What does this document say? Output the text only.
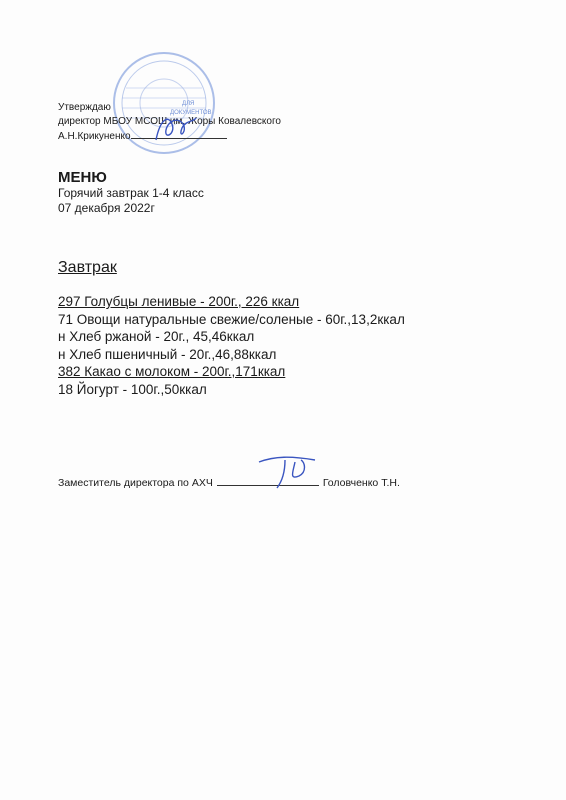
ДЛЯ
ДОКУМЕНТОВ
Утверждаю
директор МБОУ МСОШ им. Жоры Ковалевского
А.Н.Крикуненко
МЕНЮ
Горячий завтрак 1-4 класс
07 декабря 2022г
Завтрак
297 Голубцы ленивые - 200г., 226 ккал
71 Овощи натуральные свежие/соленые - 60г.,13,2ккал
н Хлеб ржаной - 20г., 45,46ккал
н Хлеб пшеничный - 20г.,46,88ккал
382 Какао с молоком - 200г.,171ккал
18 Йогурт - 100г.,50ккал
Заместитель директора по АХЧ	Головченко Т.Н.
